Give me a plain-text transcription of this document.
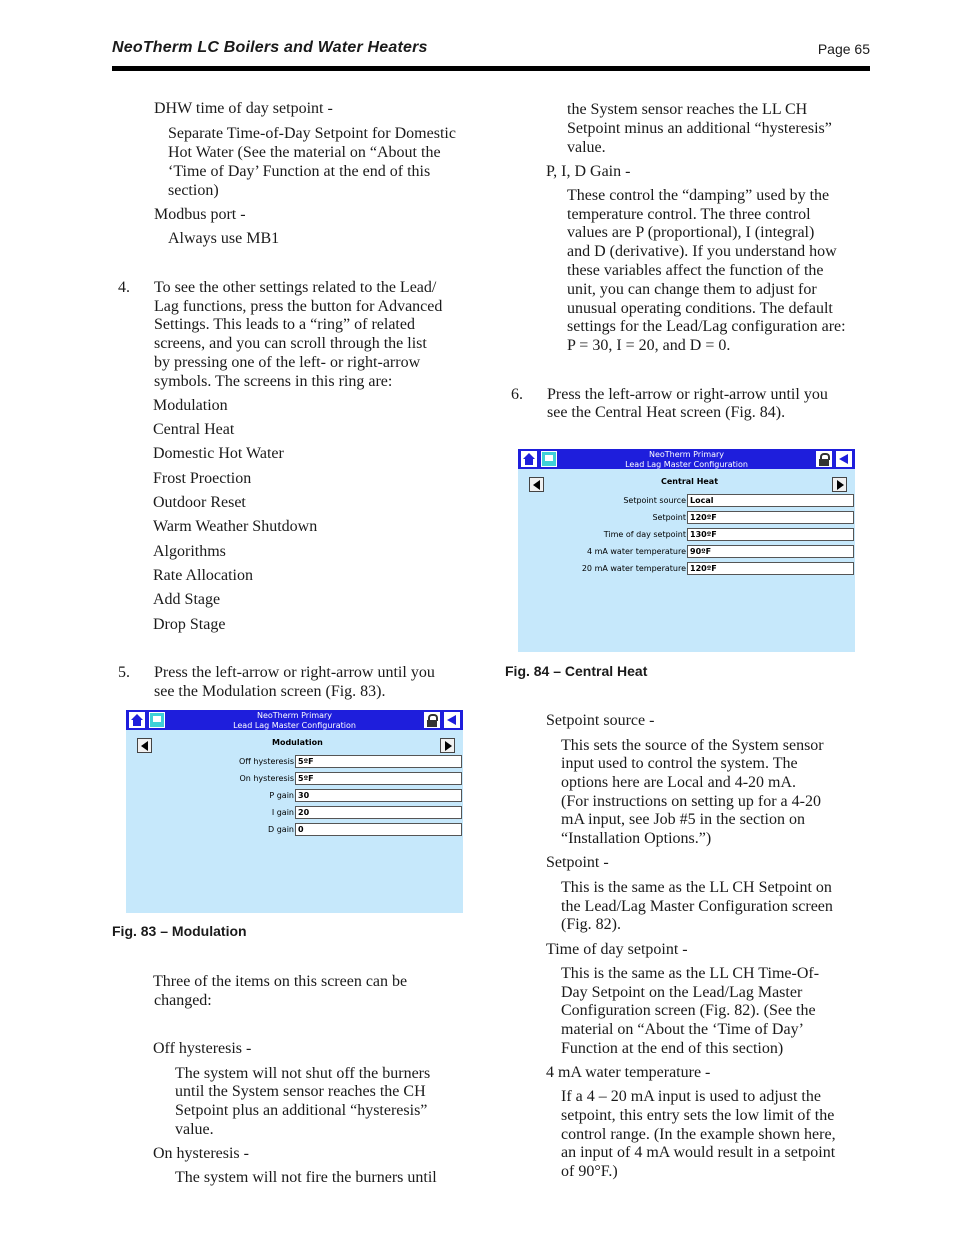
NeoTherm LC Boilers and Water Heaters	Page 65
DHW time of day setpoint -
Separate Time-of-Day Setpoint for Domestic
Hot Water (See the material on “About the
‘Time of Day’ Function at the end of this
section)
Modbus port -
Always use MB1
4. To see the other settings related to the Lead/
Lag functions, press the button for Advanced
Settings. This leads to a “ring” of related
screens, and you can scroll through the list
by pressing one of the left- or right-arrow
symbols. The screens in this ring are:
Modulation
Central Heat
Domestic Hot Water
Frost Proection
Outdoor Reset
Warm Weather Shutdown
Algorithms
Rate Allocation
Add Stage
Drop Stage
5. Press the left-arrow or right-arrow until you
see the Modulation screen (Fig. 83).
NeoTherm Primary
Lead Lag Master Configuration
Modulation
Off hysteresis 5ºF
On hysteresis 5ºF
P gain 30
I gain 20
D gain 0
Fig. 83 – Modulation
Three of the items on this screen can be
changed:
Off hysteresis -
The system will not shut off the burners
until the System sensor reaches the CH
Setpoint plus an additional “hysteresis”
value.
On hysteresis -
The system will not fire the burners until
the System sensor reaches the LL CH
Setpoint minus an additional “hysteresis”
value.
P, I, D Gain -
These control the “damping” used by the
temperature control. The three control
values are P (proportional), I (integral)
and D (derivative). If you understand how
these variables affect the function of the
unit, you can change them to adjust for
unusual operating conditions. The default
settings for the Lead/Lag configuration are:
P = 30, I = 20, and D = 0.
6. Press the left-arrow or right-arrow until you
see the Central Heat screen (Fig. 84).
NeoTherm Primary
Lead Lag Master Configuration
Central Heat
Setpoint source Local
Setpoint 120ºF
Time of day setpoint 130ºF
4 mA water temperature 90ºF
20 mA water temperature 120ºF
Fig. 84 – Central Heat
Setpoint source -
This sets the source of the System sensor
input used to control the system. The
options here are Local and 4-20 mA.
(For instructions on setting up for a 4-20
mA input, see Job #5 in the section on
“Installation Options.”)
Setpoint -
This is the same as the LL CH Setpoint on
the Lead/Lag Master Configuration screen
(Fig. 82).
Time of day setpoint -
This is the same as the LL CH Time-Of-
Day Setpoint on the Lead/Lag Master
Configuration screen (Fig. 82). (See the
material on “About the ‘Time of Day’
Function at the end of this section)
4 mA water temperature -
If a 4 – 20 mA input is used to adjust the
setpoint, this entry sets the low limit of the
control range. (In the example shown here,
an input of 4 mA would result in a setpoint
of 90°F.)
